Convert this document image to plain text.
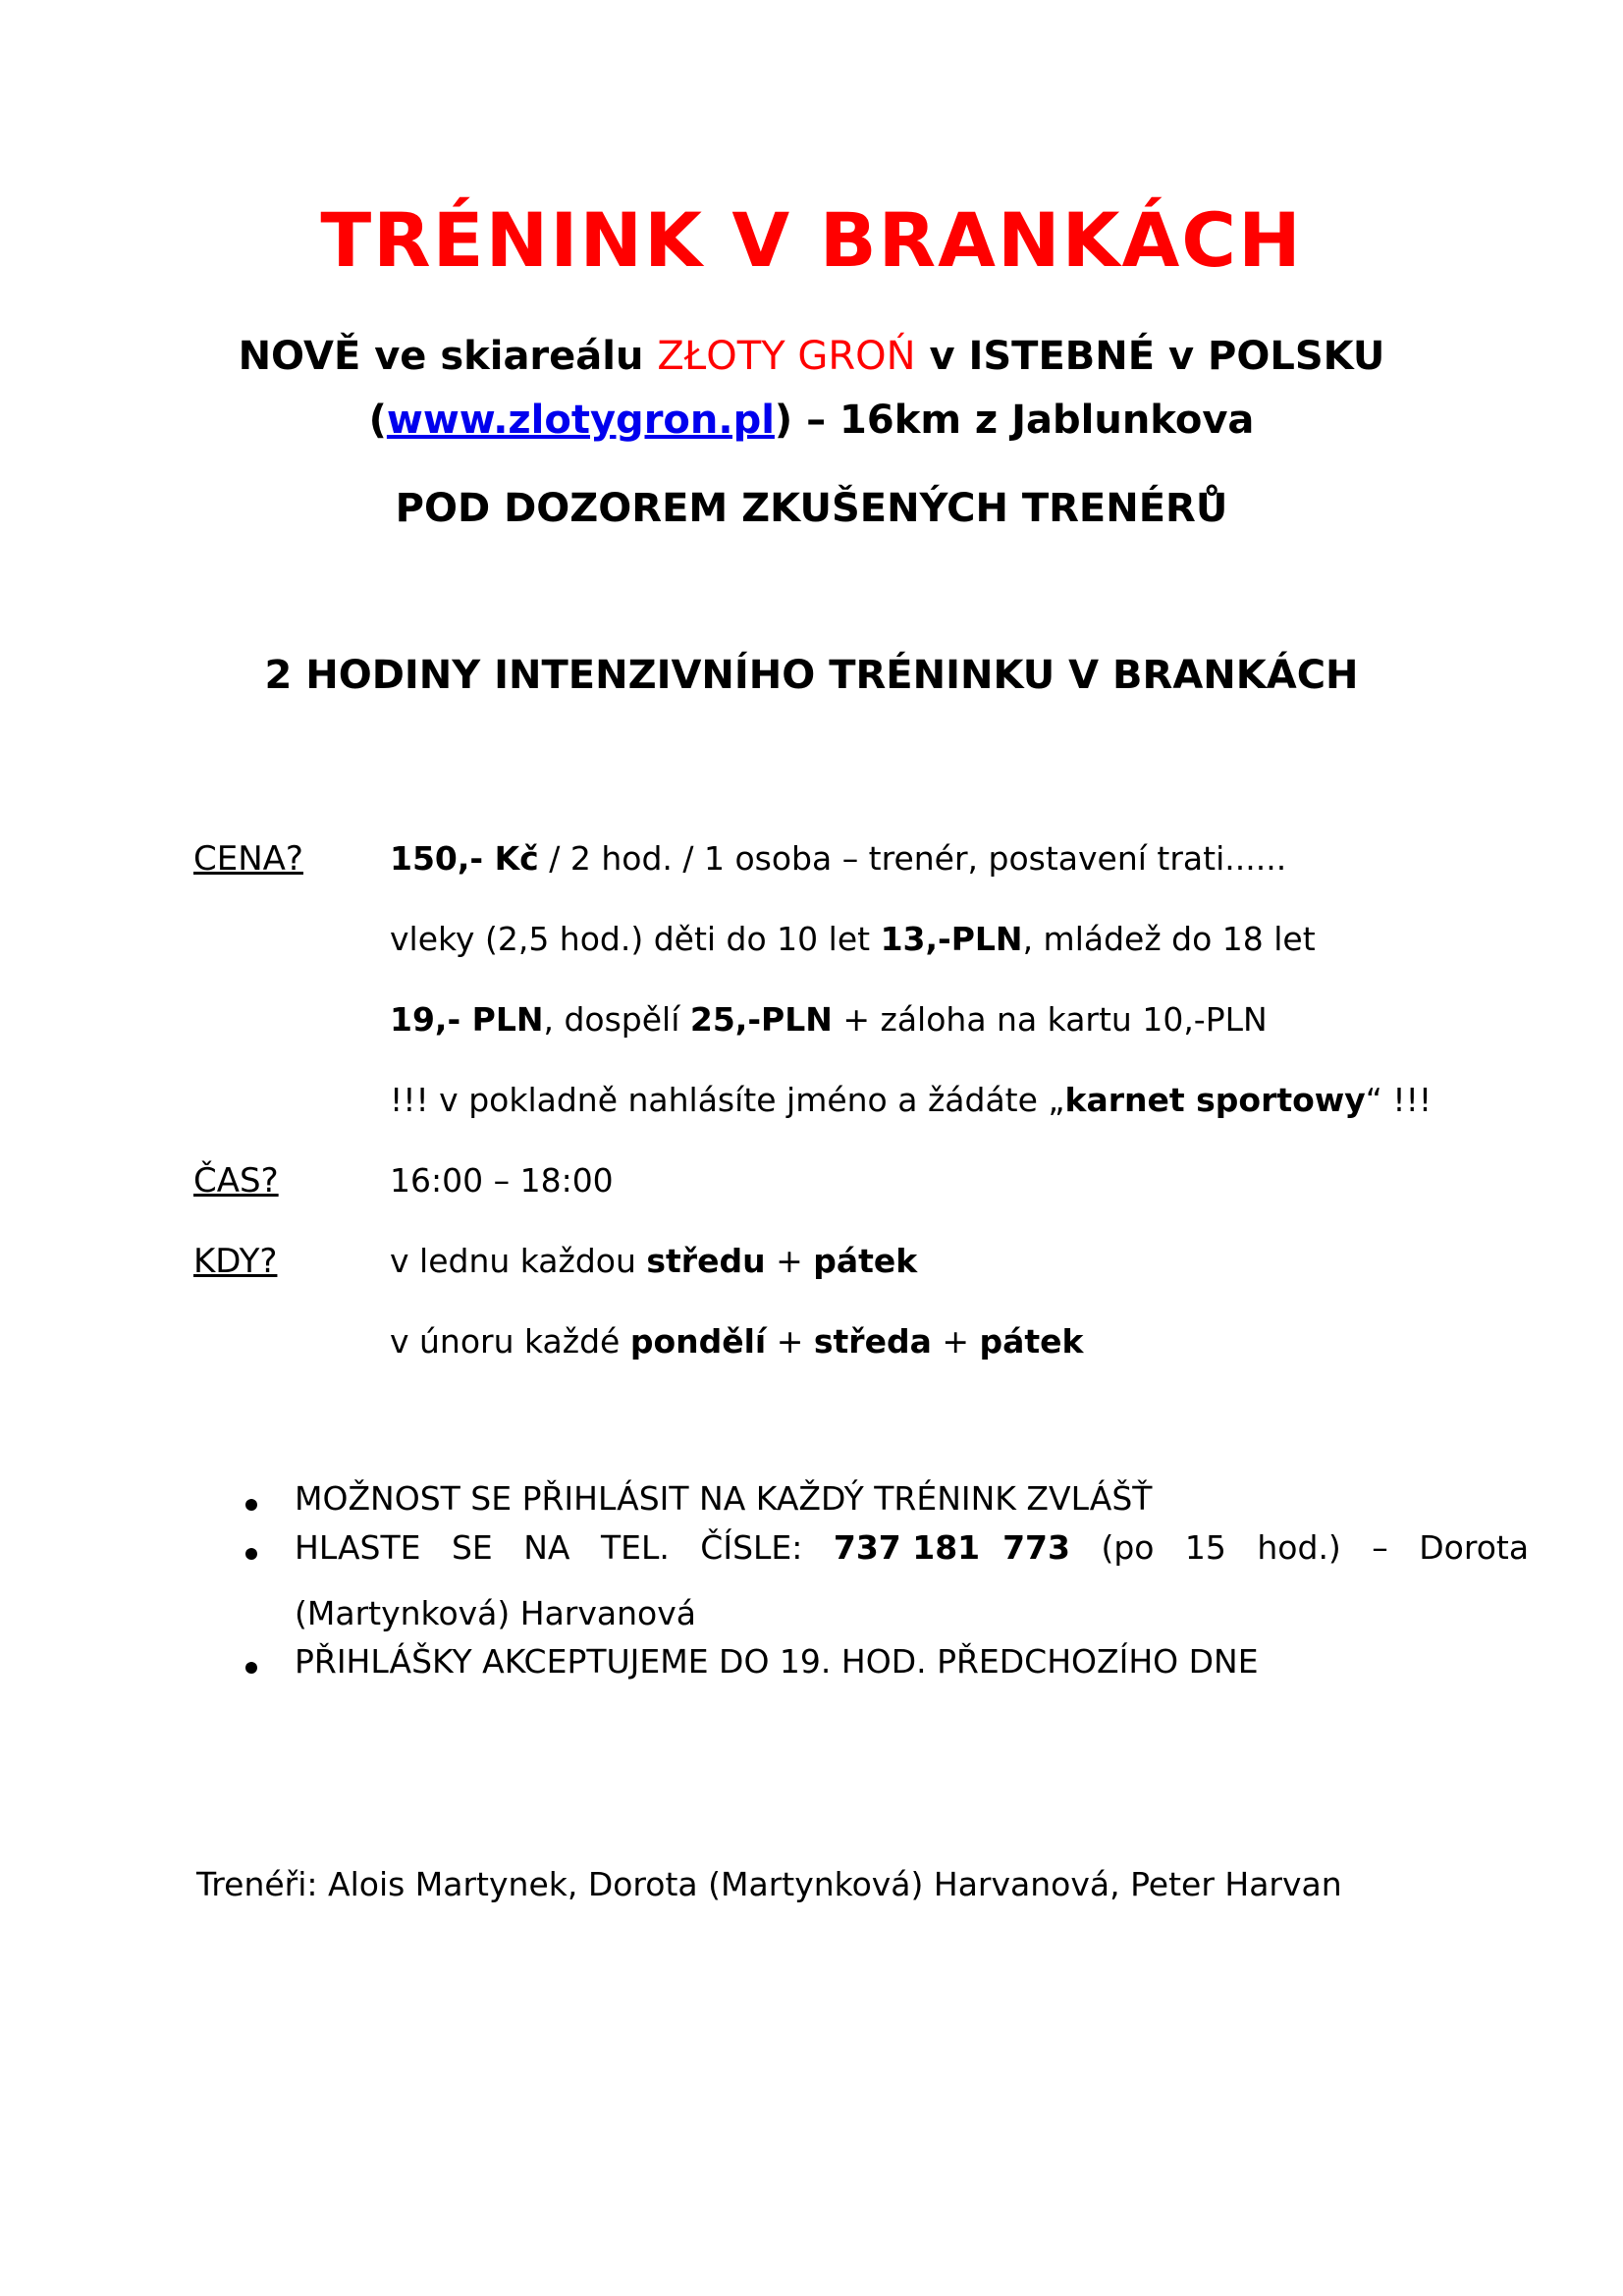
TRÉNINK V BRANKÁCH
NOVĚ ve skiareálu ZŁOTY GROŃ v ISTEBNÉ v POLSKU
(www.zlotygron.pl) – 16km z Jablunkova
POD DOZOREM ZKUŠENÝCH TRENÉRŮ
2 HODINY INTENZIVNÍHO TRÉNINKU V BRANKÁCH
CENA?	150,- Kč / 2 hod. / 1 osoba – trenér, postavení trati......
vleky (2,5 hod.) děti do 10 let 13,-PLN, mládež do 18 let
19,- PLN, dospělí 25,-PLN + záloha na kartu 10,-PLN
!!! v pokladně nahlásíte jméno a žádáte „karnet sportowy“ !!!
ČAS?	16:00 – 18:00
KDY?	v lednu každou středu + pátek
v únoru každé pondělí + středa + pátek
MOŽNOST SE PŘIHLÁSIT NA KAŽDÝ TRÉNINK ZVLÁŠŤ
HLASTE   SE   NA   TEL.   ČÍSLE:   737 181  773   (po   15   hod.)   –   Dorota
(Martynková) Harvanová
PŘIHLÁŠKY AKCEPTUJEME DO 19. HOD. PŘEDCHOZÍHO DNE
Trenéři: Alois Martynek, Dorota (Martynková) Harvanová, Peter Harvan
